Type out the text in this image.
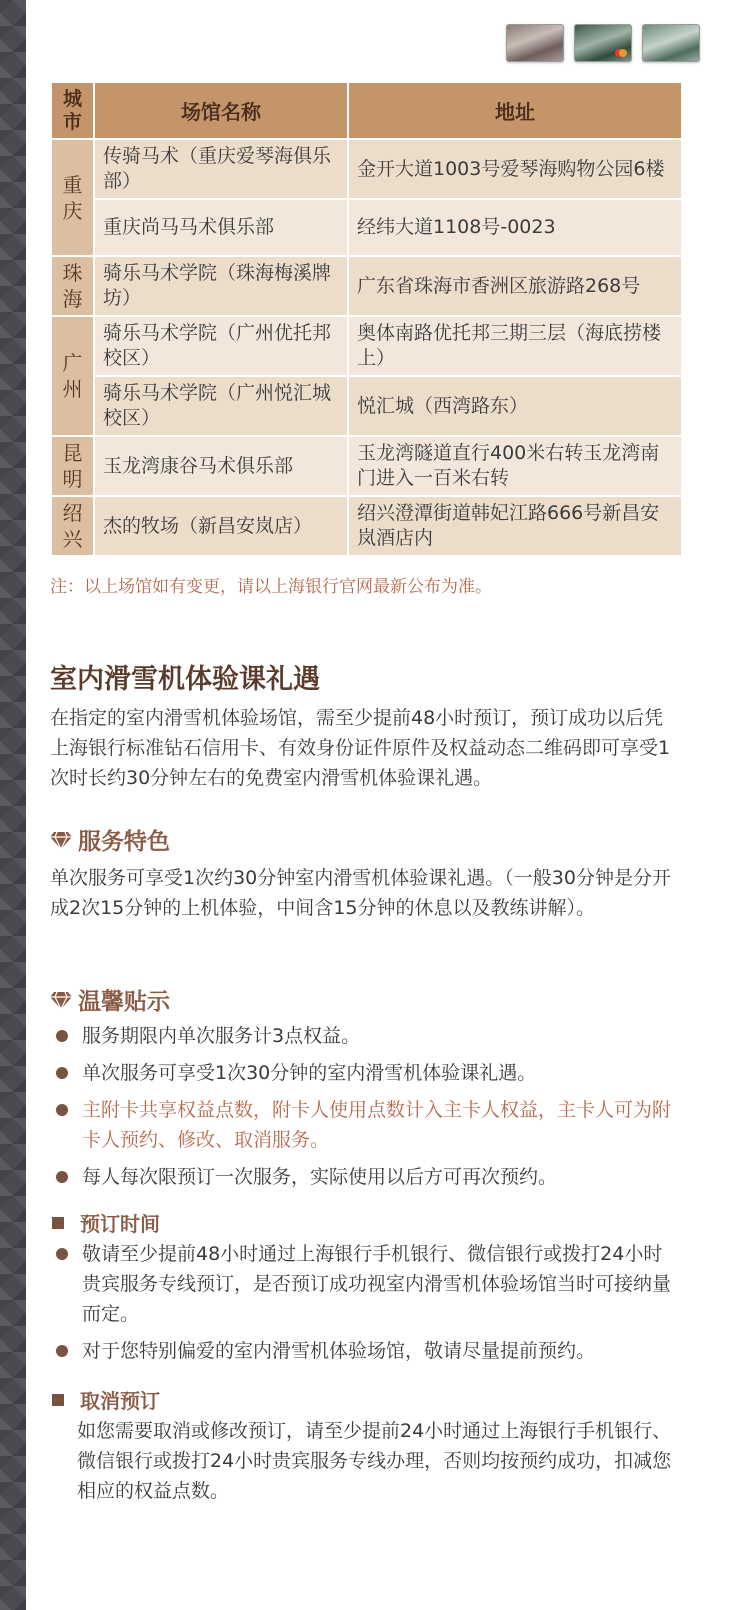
城市	场馆名称	地址
重庆	传骑马术（重庆爱琴海俱乐部）	金开大道1003号爱琴海购物公园6楼
	重庆尚马马术俱乐部	经纬大道1108号-0023
珠海	骑乐马术学院（珠海梅溪牌坊）	广东省珠海市香洲区旅游路268号
广州	骑乐马术学院（广州优托邦校区）	奥体南路优托邦三期三层（海底捞楼上）
	骑乐马术学院（广州悦汇城校区）	悦汇城（西湾路东）
昆明	玉龙湾康谷马术俱乐部	玉龙湾隧道直行400米右转玉龙湾南门进入一百米右转
绍兴	杰的牧场（新昌安岚店）	绍兴澄潭街道韩妃江路666号新昌安岚酒店内
注：以上场馆如有变更，请以上海银行官网最新公布为准。
室内滑雪机体验课礼遇
在指定的室内滑雪机体验场馆，需至少提前48小时预订，预订成功以后凭上海银行标准钻石信用卡、有效身份证件原件及权益动态二维码即可享受1次时长约30分钟左右的免费室内滑雪机体验课礼遇。
服务特色
单次服务可享受1次约30分钟室内滑雪机体验课礼遇。（一般30分钟是分开成2次15分钟的上机体验，中间含15分钟的休息以及教练讲解）。
温馨贴示
服务期限内单次服务计3点权益。
单次服务可享受1次30分钟的室内滑雪机体验课礼遇。
主附卡共享权益点数，附卡人使用点数计入主卡人权益，主卡人可为附卡人预约、修改、取消服务。
每人每次限预订一次服务，实际使用以后方可再次预约。
预订时间
敬请至少提前48小时通过上海银行手机银行、微信银行或拨打24小时贵宾服务专线预订，是否预订成功视室内滑雪机体验场馆当时可接纳量而定。
对于您特别偏爱的室内滑雪机体验场馆，敬请尽量提前预约。
取消预订
如您需要取消或修改预订，请至少提前24小时通过上海银行手机银行、微信银行或拨打24小时贵宾服务专线办理，否则均按预约成功，扣减您相应的权益点数。
